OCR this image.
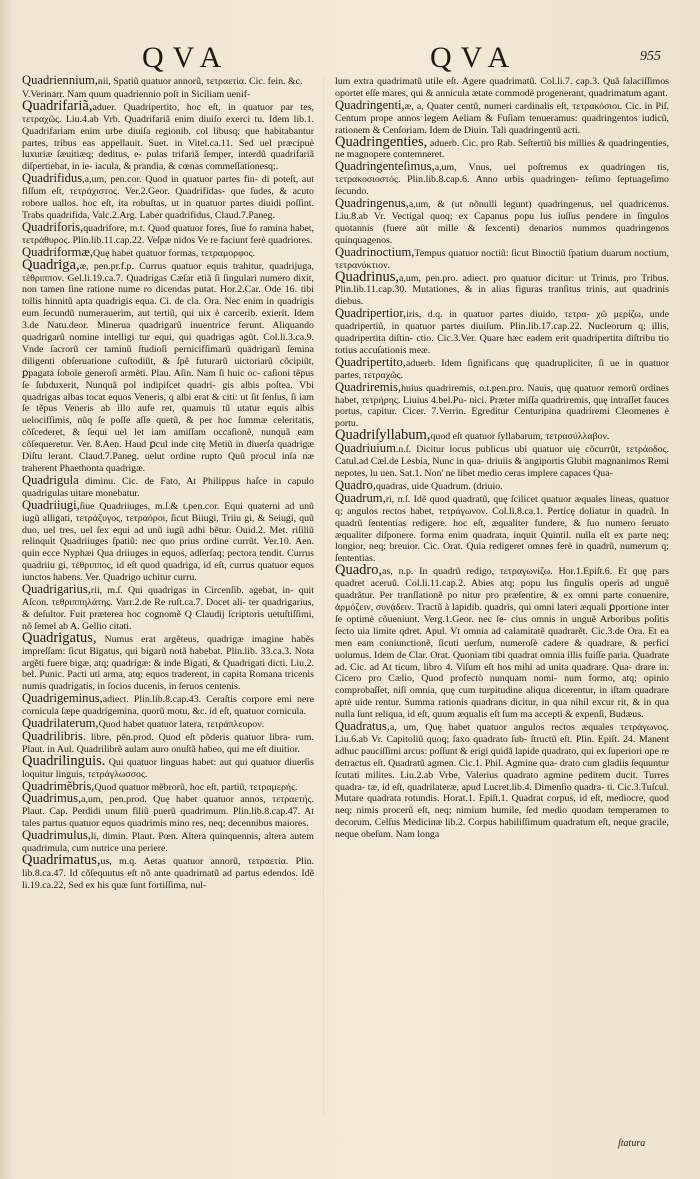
QVA	QVA	955
Quadriennium,nii, Spatiũ quatuor annorũ, τετραετία. Cic. fein. &c.
V.Verinarr. Nam quum quadriennio poſt in Siciliam uenif-
Quadrifariã,aduer. Quadripertito, hoc eſt, in quatuor par tes, τετραχῶς. Liu.4.ab Vrb. Quadrifariã enim diuiſo exerci tu. Idem lib.1. Quadrifariam enim urbe diuiſa regionib. col libusq; que habitabantur partes, tribus eas appellauit. Suet. in Vitel.ca.11. Sed uel præcipuè luxuriæ ſæuitiæq; deditus, e- pulas trifariã ſemper, interdũ quadrifariã diſpertiebat, in ie- iacula, & prandia, & cœnas commeſſationesq;.
Quadrifidus,a,um, pen.cor. Quod in quatuor partes fin- di poteſt, aut fiſſum eſt, τετράχιστος. Ver.2.Geor. Quadrifidas- que ſudes, & acuto robore uallos. hoc eſt, ita robuſtas, ut in quatuor partes diuidi poſſint. Trabs quadrifida, Valc.2.Arg. Laber quadrifidus, Claud.7.Paneg.
Quadriforis,quadrifore, m.t. Quod quatuor fores, ſiue fo ramina habet, τετράθυρος. Plin.lib.11.cap.22. Veſpæ nidos Ve re faciunt ferè quadriores.
Quadriformæ,Quę habet quatuor formas, τετραμορφος.
Quadriga,æ, pen.pr.f.p. Currus quatuor equis trahitur, quadrijuga, τέθριππον. Gel.li.19.ca.7. Quadrigas Cæſar etiã ſi ſingulari numero dixit, non tamen ſine ratione nume ro dicendas putat. Hor.2.Car. Ode 16. tibi tollis hinnitũ apta quadrigis equa. Ci. de cla. Ora. Nec enim in quadrigis eum ſecundũ numerauerim, aut tertiũ, qui uix è carcerib. exierit. Idem 3.de Natu.deor. Minerua quadrigarũ inuentrice ferunt. Aliquando quadrigarũ nomine intelligi tur equi, qui quadrigas agũt. Col.li.3.ca.9. Vnde ſacrorũ cer taminũ ſtudioſi pernicifſimarũ quadrigarũ ſemina diligenti obſeruatione cuſtodiũt, & ſpẽ futurarũ uictoriarũ cõcipiũt, ꝑpagata ſobole generoſi armẽti. Plau. Aſin. Nam ſi huic oc- caſioni tẽpus ſe ſubduxerit, Nunquã pol indipiſcet quadri- gis albis poſtea. Vbi quadrigas albas tocat equos Veneris, q albi erat & citi: ut ſit ſenſus, ſi iam ſe tẽpus Veneris ab illo aufe ret, quamuis tũ utatur equis albis uelocifſimis, nũq ſe poſſe aſſe quetũ, & per hoc ſummæ celeritatis, cõſcederet, & ſequi uel let iam amiſſam occaſionẽ, nunquã eam cõſequeretur. Ver. 8.Aen. Haud ꝑcul inde citę Metiũ in diuerſa quadrigæ Diſtu lerant. Claud.7.Paneg. uelut ordine rupto Quũ procul inſa næ traherent Phaethonta quadrigæ.
Quadrigula diminu. Cic. de Fato, At Philippus haſce in capulo quadrigulas uitare monebatur.
Quadriiugi,ſiue Quadriiuges, m.ſ.& t.pen.cor. Equi quaterni ad unũ iugũ alligati, τετράζυγος, τετραόροι, ſicut Biiugi, Triiu gi, & Seiugi, quũ duo, uel tres, uel ſex equi ad unũ iugũ adhi bẽtur. Ouid.2. Met. riſiliũ relinquit Quadriiuges ſpatiũ: nec quo prius ordine currũt. Ver.10. Aen. quin ecce Nyphæi Qua driiuges in equos, adſerſaq; pectora tendit. Currus quadriiu gi, τέθριππος, id eſt quod quadriga, id eſt, currus quatuor equos iunctos habens. Ver. Quadrigo uchitur curru.
Quadrigarius,rii, m.ſ. Qui quadrigas in Circenſib. agebat, in- quit Aſcon. τεθριππηλάτης. Varr.2.de Re ruſt.ca.7. Docet ali- ter quadrigarius, & deſultor. Fuit præterea hoc cognomẽ Q Claudij ſcriptoris uetuſtiſſimi, nõ ſemel ab A. Gellio citati.
Quadrigatus, Numus erat argẽteus, quadrigæ imagine habẽs impreſſam: ſicut Bigatus, qui bigarũ notã habebat. Plin.lib. 33.ca.3. Nota argẽti fuere bigæ, atq; quadrigæ: & inde Bigati, & Quadrigati dicti. Liu.2. bel. Punic. Pacti uti arma, atq; equos traderent, in capita Romana tricenis numis quadrigatis, in ſocios ducenis, in ſeruos centenis.
Quadrigeminus,adiect. Plin.lib.8.cap.43. Ceraſtis corpore emi nere cornicula ſæpe quadrigemina, quorũ motu, &c. id eſt, quatuor cornicula.
Quadrilaterum,Quod habet quatuor latera, τετράπλευρον.
Quadrilibris. libre, pẽn.prod. Quod eſt põderis quatuor libra- rum. Plaut. in Aul. Quadrilibrẽ aulam auro onuſtã habeo, qui me eſt diuitior.
Quadrilinguis. Qui quatuor linguas habet: aut qui quatuor diuerſis loquitur linguis, τετράγλωσσος.
Quadrimẽbris,Quod quatuor mẽbrorũ, hoc eſt, partiũ, τετραμερής.
Quadrimus,a,um, pen.prod. Quę habet quatuor annos, τετραετής. Plaut. Cap. Perdidi unum filiũ puerũ quadrimum. Plin.lib.8.cap.47. At tales partus quatuor equos quadrimis mino res, neq; decennibus maiores.
Quadrimulus,li, dimin. Plaut. Pœn. Altera quinquennis, altera autem quadrimula, cum nutrice una periere.
Quadrimatus,us, m.q. Aetas quatuor annorũ, τετραετία. Plin. lib.8.ca.47. Id cõſequutus eſt nõ ante quadrimatũ ad partus edendos. Idẽ li.19.ca.22, Sed ex his quæ ſunt fortiſſima, nul-
lum extra quadrimatũ utile eſt. Agere quadrimatũ. Col.li.7. cap.3. Quã ſalaciſſimos oportet eſſe mares, qui & annicula ætate commodè progenerant, quadrimatum agant.
Quadringenti,æ, a, Quater centũ, numeri cardinalis eſt, τετρακόσιοι. Cic. in Piſ. Centum prope annos legem Aeliam & Fuſiam tenueramus: quadringentos iudicũ, rationem & Cenſoriam. Idem de Diuin. Tali quadringentũ acti.
Quadringenties, aduerb. Cic. pro Rab. Seſtertiũ bis millies & quadringenties, ne magnopere contemneret.
Quadringenteſimus,a,um, Vnus, uel poſtremus ex quadringen tis, τετρακοσιοστός. Plin.lib.8.cap.6. Anno urbis quadringen- teſimo ſeptuageſimo ſecundo.
Quadringenus,a,um, & (ut nõnulli legunt) quadringenus, uel quadricenus. Liu.8.ab Vr. Vectigal quoq; ex Capanus popu lus iuſſus pendere in ſingulos quotannis (fuere aũt mille & ſexcenti) denarios nummos quadringenos quinquagenos.
Quadrinoctium,Tempus quatuor noctiũ: ſicut Binoctiũ ſpatium duarum noctium, τετρανύκτιον.
Quadrinus,a,um, pen.pro. adiect. pro quatuor dicitur: ut Trinus, pro Tribus. Plin.lib.11.cap.30. Mutationes, & in alias figuras tranſitus trinis, aut quadrinis diebus.
Quadripertior,iris, d.q. in quatuor partes diuido, τετρα- χῶ μερίζω, unde quadripertiũ, in quatuor partes diuiſum. Plin.lib.17.cap.22. Nucleorum q; illis, quadripertita diſtin- ctio. Cic.3.Ver. Quare hæc eadem erit quadripertita diſtribu tio totius accuſationis meæ.
Quadripertito,aduerb. Idem ſignificans quę quadrupliciter, ſi ue in quatuor partes, τετραχῶς.
Quadriremis,huius quadriremis, o.t.pen.pro. Nauis, quę quatuor remorũ ordines habet, τετρήρης. Liuius 4.bel.Pu- nici. Præter miſſa quadriremis, quę intraſſet fauces portus, capitur. Cicer. 7.Verrin. Egreditur Centuripina quadriremi Cleomenes è portu.
Quadriſyllabum,quod eſt quatuor ſyllabarum, τετρασύλλαβον.
Quadriuium.n.ſ. Dicitur locus publicus ubi quatuor uię cõcurrũt, τετράοδος. Catul.ad Cæl.de Lesbia, Nunc in qua- driuiis & angiportis Glubit magnanimos Remi nepotes, lu uen. Sat.1. Non' ne libet medio ceras implere capaces Qua-
Quadro,quadras, uide Quadrum. (driuio.
Quadrum,ri, n.ſ. Idẽ quod quadratũ, quę ſcilicet quatuor æquales lineas, quatuor q; angulos rectos habet, τετράγωνον. Col.li.8.ca.1. Perticę doliatur in quadrũ. In quadrũ ſententias redigere. hoc eſt, æqualiter fundere, & ſuo numero ſeruato æqualiter diſponere. forma enim quadrata, inquit Quintil. nulla eſt ex parte neq; longior, neq; breuior. Cic. Orat. Quia redigeret omnes ferè in quadrũ, numerum q; ſententias.
Quadro,as, n.p. In quadrũ redigo, τετραγωνίζω. Hor.1.Epiſt.6. Et quę pars quadret aceruũ. Col.li.11.cap.2. Abies atq; popu lus ſingulis operis ad unguẽ quadrãtur. Per tranſlationẽ po nitur pro præſentire, & ex omni parte conuenire, ἁρμόζειν, συνᾴδειν. Tractũ à lapidib. quadris, qui omni lateri æquali ꝑportione inter ſe optimè cõueniunt. Verg.1.Geor. nec ſe- cius omnis in unguẽ Arboribus poſitis ſecto uia limite qdret. Apul. Vt omnia ad calamitatẽ quadrarẽt. Cic.3.de Ora. Et ea men eam coniunctionẽ, ſicuti uerſum, numeroſè cadere & quadrare, & perfici uolumus. Idem de Clar. Orat. Quoniam tibi quadrat omnia illis fuiſſe paria. Quadrate ad. Cic. ad At ticum, libro 4. Viſum eſt hos mihi ad unita quadrare. Qua- drare in. Cicero pro Cælio, Quod profectò nunquam nomi- num formo, atq; opinio comprobaſſet, niſi omnia, quę cum turpitudine aliqua dicerentur, in iſtam quadrare aptè uide rentur. Summa rationis quadrans dicitur, in qua nihil excur rit, & in qua nulla ſunt reliqua, id eſt, quum æqualis eſt ſum ma accepti & expenſi, Budæus.
Quadratus,a, um, Quę habet quatuor angulos rectos æquales τετράγωνος. Liu.6.ab Vr. Capitoliũ quoq; ſaxo quadrato ſub- ſtructũ eſt. Plin. Epiſt. 24. Manent adhuc pauciſſimi arcus: poſſunt & erigi quidã lapide quadrato, qui ex ſuperiori ope re detractus eſt. Quadratũ agmen. Cic.1. Phil. Agmine qua- drato cum gladiis ſequuntur ſcutati milites. Liu.2.ab Vrbe, Valerius quadrato agmine peditem ducit. Turres quadra- tæ, id eſt, quadrilateræ, apud Lucret.lib.4. Dimenſio quadra- ti. Cic.3.Tuſcul. Mutare quadrata rotundis. Horat.1. Epiſt.1. Quadrat corpus, id eſt, mediocre, quod neq; nimis procerũ eſt, neq; nimium humile, ſed medio quodam temperamen to decorum. Celſus Medicinæ lib.2. Corpus habiliſſimum quadratum eſt, neque gracile, neque obeſum. Nam longa
ſtatura
